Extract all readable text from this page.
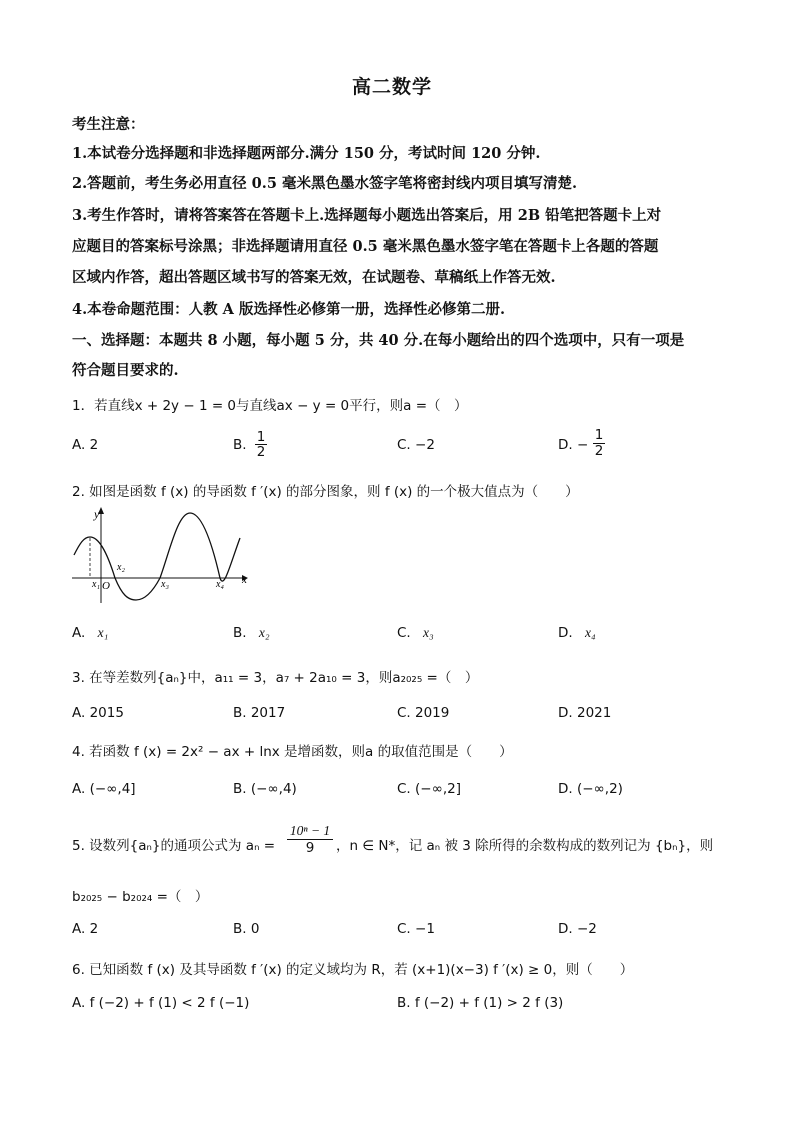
高二数学
考生注意：
1.本试卷分选择题和非选择题两部分.满分 150 分，考试时间 120 分钟.
2.答题前，考生务必用直径 0.5 毫米黑色墨水签字笔将密封线内项目填写清楚.
3.考生作答时，请将答案答在答题卡上.选择题每小题选出答案后，用 2B 铅笔把答题卡上对
应题目的答案标号涂黑；非选择题请用直径 0.5 毫米黑色墨水签字笔在答题卡上各题的答题
区域内作答，超出答题区域书写的答案无效，在试题卷、草稿纸上作答无效.
4.本卷命题范围：人教 A 版选择性必修第一册，选择性必修第二册.
一、选择题：本题共 8 小题，每小题 5 分，共 40 分.在每小题给出的四个选项中，只有一项是
符合题目要求的.
1．若直线x + 2y − 1 = 0与直线ax − y = 0平行，则a =（　）
A. 2	B. 1
2	C. −2	D. −
1
2
2. 如图是函数 f (x) 的导函数 f ′(x) 的部分图象，则 f (x) 的一个极大值点为（　　）
y
x
x₁ O
x₂
x₃	x₄
A. x₁	B. x₂	C. x₃	D. x₄
3. 在等差数列{aₙ}中，a₁₁ = 3，a₇ + 2a₁₀ = 3，则a₂₀₂₅ =（　）
A. 2015	B. 2017	C. 2019	D. 2021
4. 若函数 f (x) = 2x² − ax + lnx 是增函数，则a 的取值范围是（　　）
A. (−∞,4]	B. (−∞,4)	C. (−∞,2]	D. (−∞,2)
5. 设数列{aₙ}的通项公式为 aₙ =
10ⁿ − 1
9	，n ∈ N*，记 aₙ 被 3 除所得的余数构成的数列记为 {bₙ}，则
b₂₀₂₅ − b₂₀₂₄ =（　）
A. 2	B. 0	C. −1	D. −2
6. 已知函数 f (x) 及其导函数 f ′(x) 的定义域均为 R，若 (x+1)(x−3) f ′(x) ≥ 0，则（　　）
A. f (−2) + f (1) < 2 f (−1)	B. f (−2) + f (1) > 2 f (3)
